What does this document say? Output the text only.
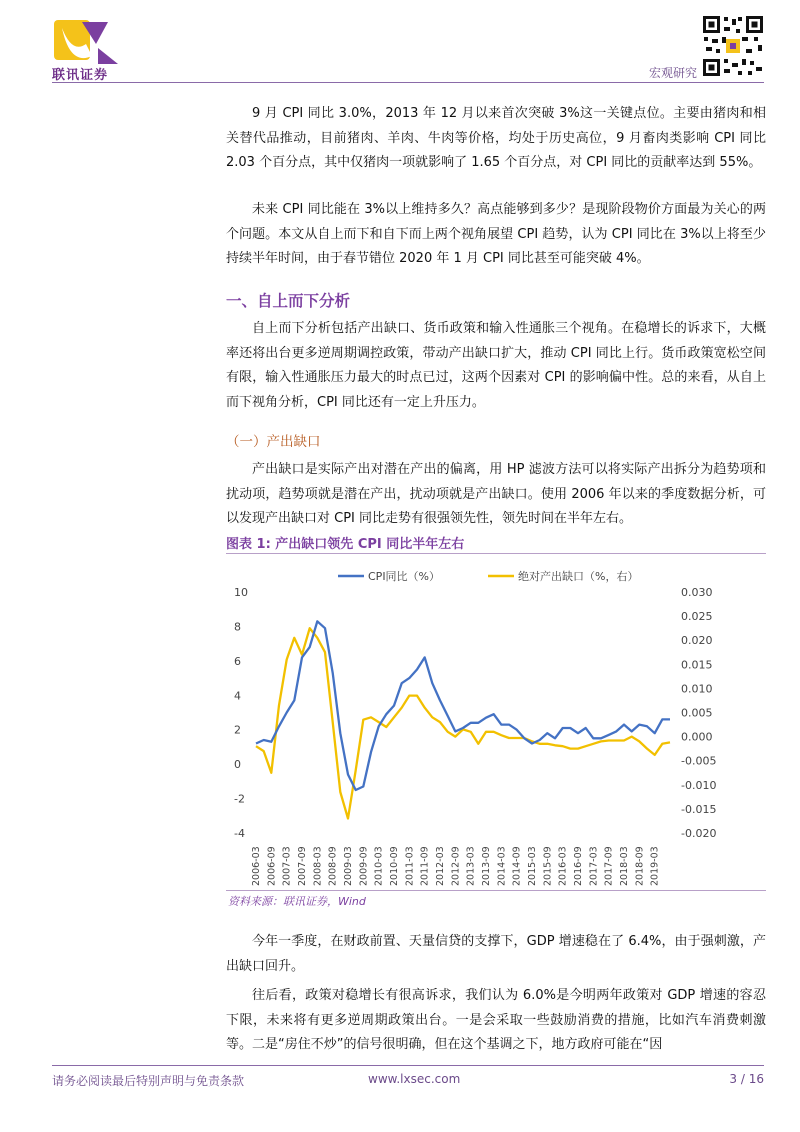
联讯证券	宏观研究

9 月 CPI 同比 3.0%，2013 年 12 月以来首次突破 3%这一关键点位。主要由猪肉和相关替代品推动，目前猪肉、羊肉、牛肉等价格，均处于历史高位，9 月畜肉类影响 CPI 同比 2.03 个百分点，其中仅猪肉一项就影响了 1.65 个百分点，对 CPI 同比的贡献率达到 55%。

未来 CPI 同比能在 3%以上维持多久？高点能够到多少？是现阶段物价方面最为关心的两个问题。本文从自上而下和自下而上两个视角展望 CPI 趋势，认为 CPI 同比在 3%以上将至少持续半年时间，由于春节错位 2020 年 1 月 CPI 同比甚至可能突破 4%。

一、自上而下分析

自上而下分析包括产出缺口、货币政策和输入性通胀三个视角。在稳增长的诉求下，大概率还将出台更多逆周期调控政策，带动产出缺口扩大，推动 CPI 同比上行。货币政策宽松空间有限，输入性通胀压力最大的时点已过，这两个因素对 CPI 的影响偏中性。总的来看，从自上而下视角分析，CPI 同比还有一定上升压力。

（一）产出缺口

产出缺口是实际产出对潜在产出的偏离，用 HP 滤波方法可以将实际产出拆分为趋势项和扰动项，趋势项就是潜在产出，扰动项就是产出缺口。使用 2006 年以来的季度数据分析，可以发现产出缺口对 CPI 同比走势有很强领先性，领先时间在半年左右。

图表 1: 产出缺口领先 CPI 同比半年左右
CPI同比（%）	绝对产出缺口（%，右）
10
8
6
4
2
0
-2
-4
0.030
0.025
0.020
0.015
0.010
0.005
0.000
-0.005
-0.010
-0.015
-0.020
2006-03 2006-09 2007-03 2007-09 2008-03 2008-09 2009-03 2009-09 2010-03 2010-09 2011-03 2011-09 2012-03 2012-09 2013-03 2013-09 2014-03 2014-09 2015-03 2015-09 2016-03 2016-09 2017-03 2017-09 2018-03 2018-09 2019-03
资料来源：联讯证券，Wind

今年一季度，在财政前置、天量信贷的支撑下，GDP 增速稳在了 6.4%，由于强刺激，产出缺口回升。

往后看，政策对稳增长有很高诉求，我们认为 6.0%是今明两年政策对 GDP 增速的容忍下限，未来将有更多逆周期政策出台。一是会采取一些鼓励消费的措施，比如汽车消费刺激等。二是“房住不炒”的信号很明确，但在这个基调之下，地方政府可能在“因

请务必阅读最后特别声明与免责条款	www.lxsec.com	3 / 16
